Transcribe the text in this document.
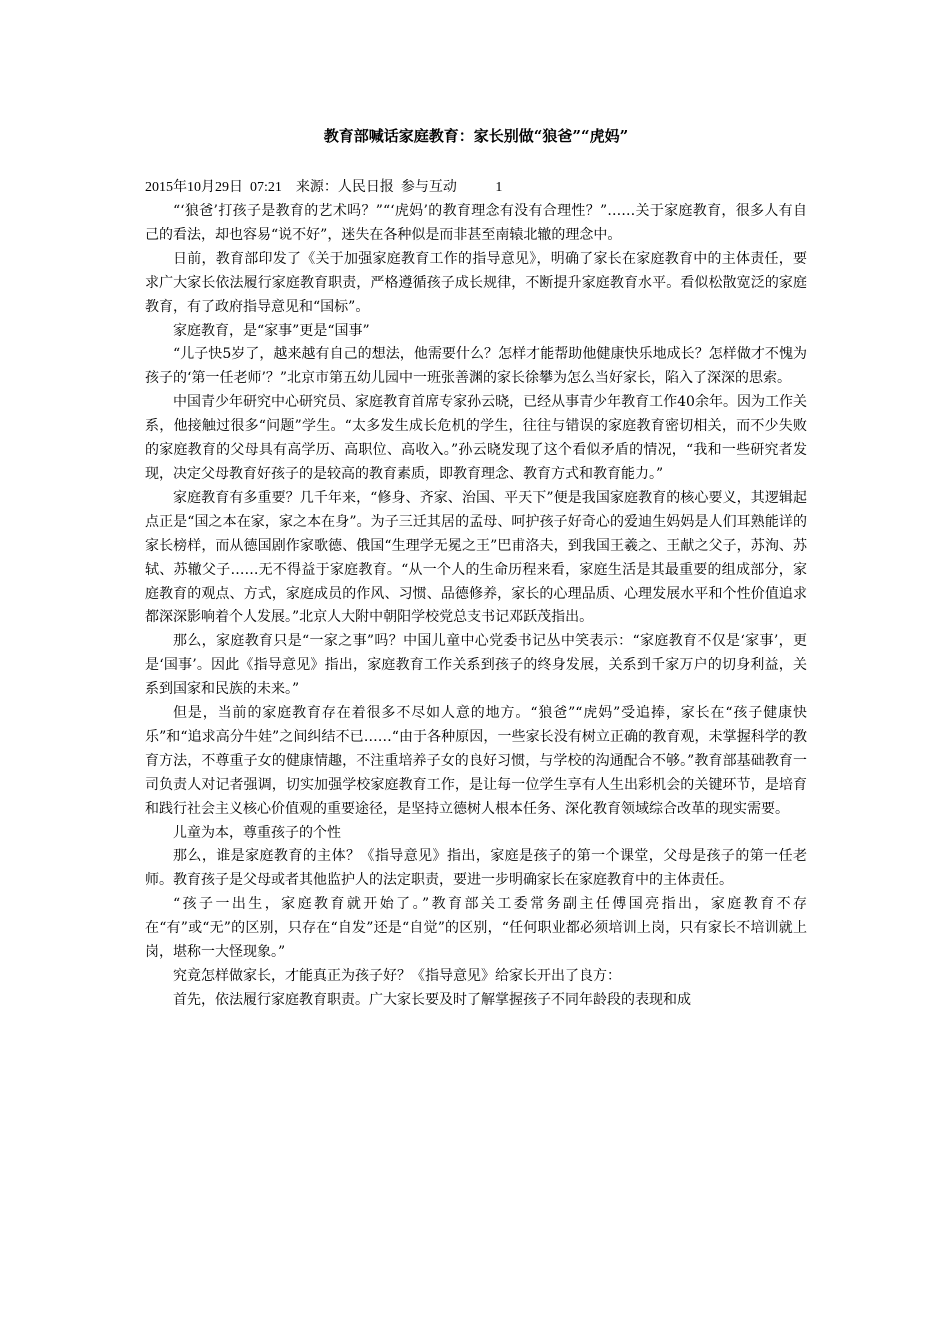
教育部喊话家庭教育：家长别做“狼爸”“虎妈”

2015年10月29日  07:21    来源：人民日报  参与互动           1

“‘狼爸’打孩子是教育的艺术吗？”“‘虎妈’的教育理念有没有合理性？”……关于家庭教育，很多人有自己的看法，却也容易“说不好”，迷失在各种似是而非甚至南辕北辙的理念中。

日前，教育部印发了《关于加强家庭教育工作的指导意见》，明确了家长在家庭教育中的主体责任，要求广大家长依法履行家庭教育职责，严格遵循孩子成长规律，不断提升家庭教育水平。看似松散宽泛的家庭教育，有了政府指导意见和“国标”。

家庭教育，是“家事”更是“国事”

“儿子快5岁了，越来越有自己的想法，他需要什么？怎样才能帮助他健康快乐地成长？怎样做才不愧为孩子的‘第一任老师’？”北京市第五幼儿园中一班张善渊的家长徐攀为怎么当好家长，陷入了深深的思索。

中国青少年研究中心研究员、家庭教育首席专家孙云晓，已经从事青少年教育工作40余年。因为工作关系，他接触过很多“问题”学生。“太多发生成长危机的学生，往往与错误的家庭教育密切相关，而不少失败的家庭教育的父母具有高学历、高职位、高收入。”孙云晓发现了这个看似矛盾的情况，“我和一些研究者发现，决定父母教育好孩子的是较高的教育素质，即教育理念、教育方式和教育能力。”

家庭教育有多重要？几千年来，“修身、齐家、治国、平天下”便是我国家庭教育的核心要义，其逻辑起点正是“国之本在家，家之本在身”。为子三迁其居的孟母、呵护孩子好奇心的爱迪生妈妈是人们耳熟能详的家长榜样，而从德国剧作家歌德、俄国“生理学无冕之王”巴甫洛夫，到我国王羲之、王献之父子，苏洵、苏轼、苏辙父子……无不得益于家庭教育。“从一个人的生命历程来看，家庭生活是其最重要的组成部分，家庭教育的观点、方式，家庭成员的作风、习惯、品德修养，家长的心理品质、心理发展水平和个性价值追求都深深影响着个人发展。”北京人大附中朝阳学校党总支书记邓跃茂指出。

那么，家庭教育只是“一家之事”吗？中国儿童中心党委书记丛中笑表示：“家庭教育不仅是‘家事’，更是‘国事’。因此《指导意见》指出，家庭教育工作关系到孩子的终身发展，关系到千家万户的切身利益，关系到国家和民族的未来。”

但是，当前的家庭教育存在着很多不尽如人意的地方。“狼爸”“虎妈”受追捧，家长在“孩子健康快乐”和“追求高分牛娃”之间纠结不已……“由于各种原因，一些家长没有树立正确的教育观，未掌握科学的教育方法，不尊重子女的健康情趣，不注重培养子女的良好习惯，与学校的沟通配合不够。”教育部基础教育一司负责人对记者强调，切实加强学校家庭教育工作，是让每一位学生享有人生出彩机会的关键环节，是培育和践行社会主义核心价值观的重要途径，是坚持立德树人根本任务、深化教育领域综合改革的现实需要。

儿童为本，尊重孩子的个性

那么，谁是家庭教育的主体？《指导意见》指出，家庭是孩子的第一个课堂，父母是孩子的第一任老师。教育孩子是父母或者其他监护人的法定职责，要进一步明确家长在家庭教育中的主体责任。

“孩子一出生，家庭教育就开始了。”教育部关工委常务副主任傅国亮指出，家庭教育不存在“有”或“无”的区别，只存在“自发”还是“自觉”的区别，“任何职业都必须培训上岗，只有家长不培训就上岗，堪称一大怪现象。”

究竟怎样做家长，才能真正为孩子好？《指导意见》给家长开出了良方：

首先，依法履行家庭教育职责。广大家长要及时了解掌握孩子不同年龄段的表现和成
